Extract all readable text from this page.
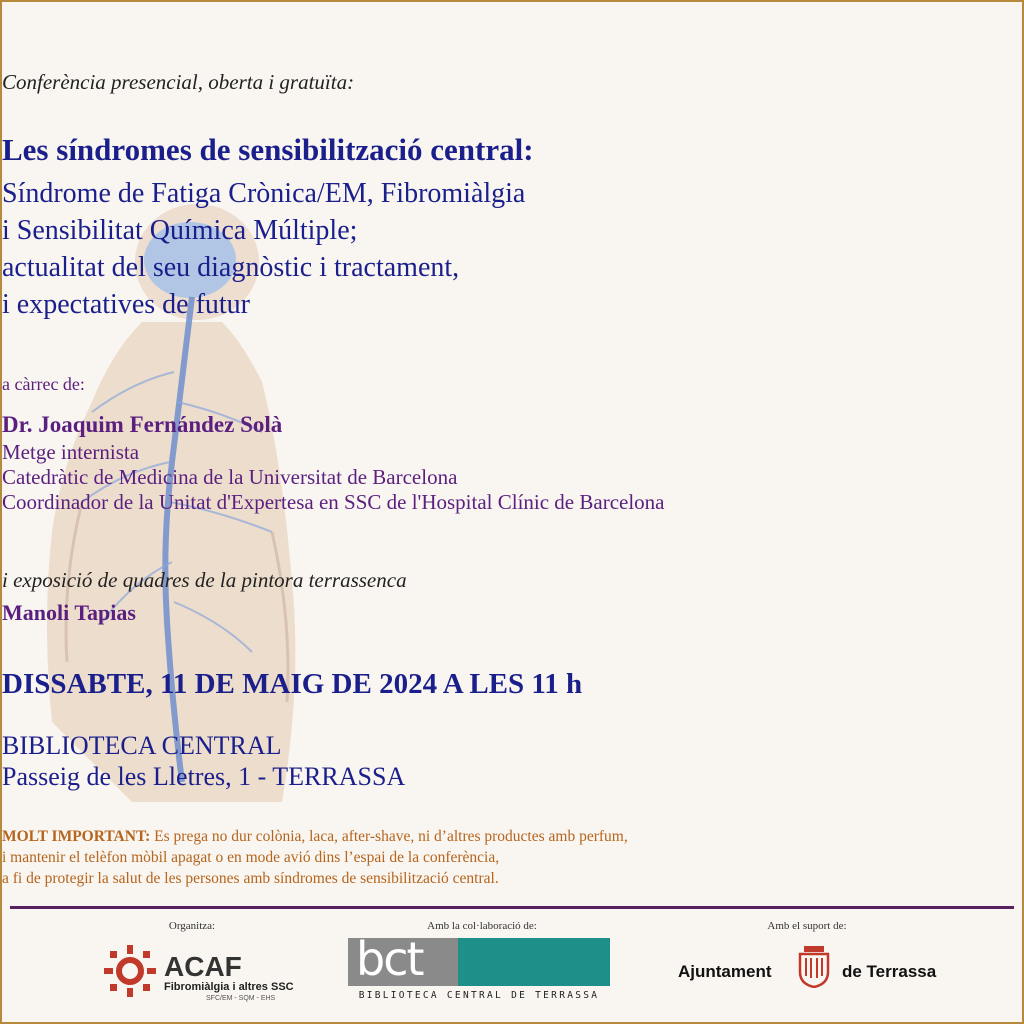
Conferència presencial, oberta i gratuïta:
Les síndromes de sensibilització central:
Síndrome de Fatiga Crònica/EM, Fibromiàlgia
i Sensibilitat Química Múltiple;
actualitat del seu diagnòstic i tractament,
i expectatives de futur
a càrrec de:
Dr. Joaquim Fernández Solà
Metge internista
Catedràtic de Medicina de la Universitat de Barcelona
Coordinador de la Unitat d'Expertesa en SSC de l'Hospital Clínic de Barcelona
i exposició de quadres de la pintora terrassenca
Manoli Tapias
DISSABTE, 11 DE MAIG DE 2024 A LES 11 h
BIBLIOTECA CENTRAL
Passeig de les Lletres, 1 - TERRASSA
MOLT IMPORTANT: Es prega no dur colònia, laca, after-shave, ni d’altres productes amb perfum,
i mantenir el telèfon mòbil apagat o en mode avió dins l’espai de la conferència,
a fi de protegir la salut de les persones amb síndromes de sensibilització central.
Organitza:	Amb la col·laboració de:	Amb el suport de:
ACAF
Fibromiàlgia i altres SSC
SFC/EM - SQM - EHS
bct
BIBLIOTECA CENTRAL DE TERRASSA
Ajuntament	de Terrassa
